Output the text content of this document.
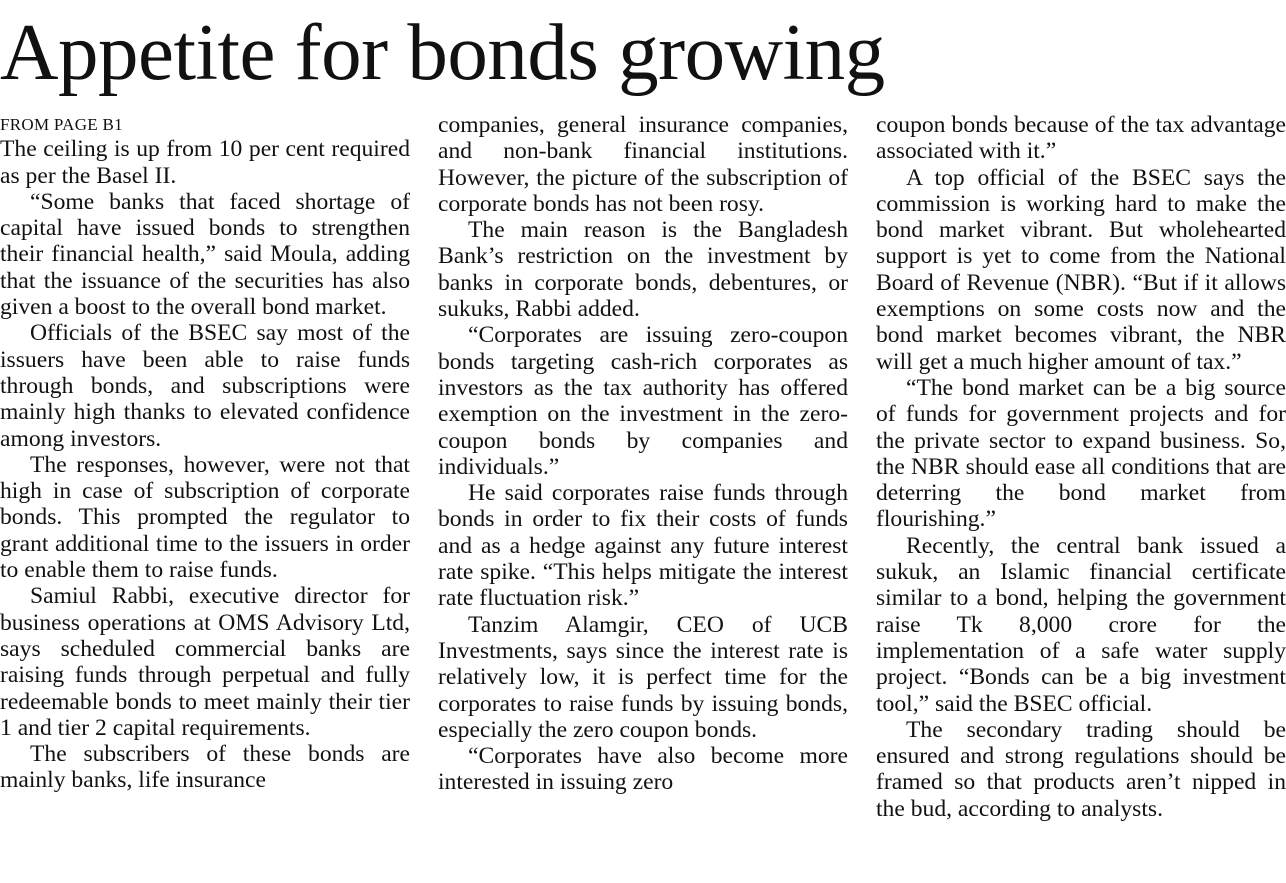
Appetite for bonds growing
FROM PAGE B1

The ceiling is up from 10 per cent required as per the Basel II.

“Some banks that faced shortage of capital have issued bonds to strengthen their financial health,” said Moula, adding that the issuance of the securities has also given a boost to the overall bond market.

Officials of the BSEC say most of the issuers have been able to raise funds through bonds, and subscriptions were mainly high thanks to elevated confidence among investors.

The responses, however, were not that high in case of subscription of corporate bonds. This prompted the regulator to grant additional time to the issuers in order to enable them to raise funds.

Samiul Rabbi, executive director for business operations at OMS Advisory Ltd, says scheduled commercial banks are raising funds through perpetual and fully redeemable bonds to meet mainly their tier 1 and tier 2 capital requirements.

The subscribers of these bonds are mainly banks, life insurance

companies, general insurance companies, and non-bank financial institutions. However, the picture of the subscription of corporate bonds has not been rosy.

The main reason is the Bangladesh Bank’s restriction on the investment by banks in corporate bonds, debentures, or sukuks, Rabbi added.

“Corporates are issuing zero-coupon bonds targeting cash-rich corporates as investors as the tax authority has offered exemption on the investment in the zero-coupon bonds by companies and individuals.”

He said corporates raise funds through bonds in order to fix their costs of funds and as a hedge against any future interest rate spike. “This helps mitigate the interest rate fluctuation risk.”

Tanzim Alamgir, CEO of UCB Investments, says since the interest rate is relatively low, it is perfect time for the corporates to raise funds by issuing bonds, especially the zero coupon bonds.

“Corporates have also become more interested in issuing zero

coupon bonds because of the tax advantage associated with it.”

A top official of the BSEC says the commission is working hard to make the bond market vibrant. But wholehearted support is yet to come from the National Board of Revenue (NBR). “But if it allows exemptions on some costs now and the bond market becomes vibrant, the NBR will get a much higher amount of tax.”

“The bond market can be a big source of funds for government projects and for the private sector to expand business. So, the NBR should ease all conditions that are deterring the bond market from flourishing.”

Recently, the central bank issued a sukuk, an Islamic financial certificate similar to a bond, helping the government raise Tk 8,000 crore for the implementation of a safe water supply project. “Bonds can be a big investment tool,” said the BSEC official.

The secondary trading should be ensured and strong regulations should be framed so that products aren’t nipped in the bud, according to analysts.
